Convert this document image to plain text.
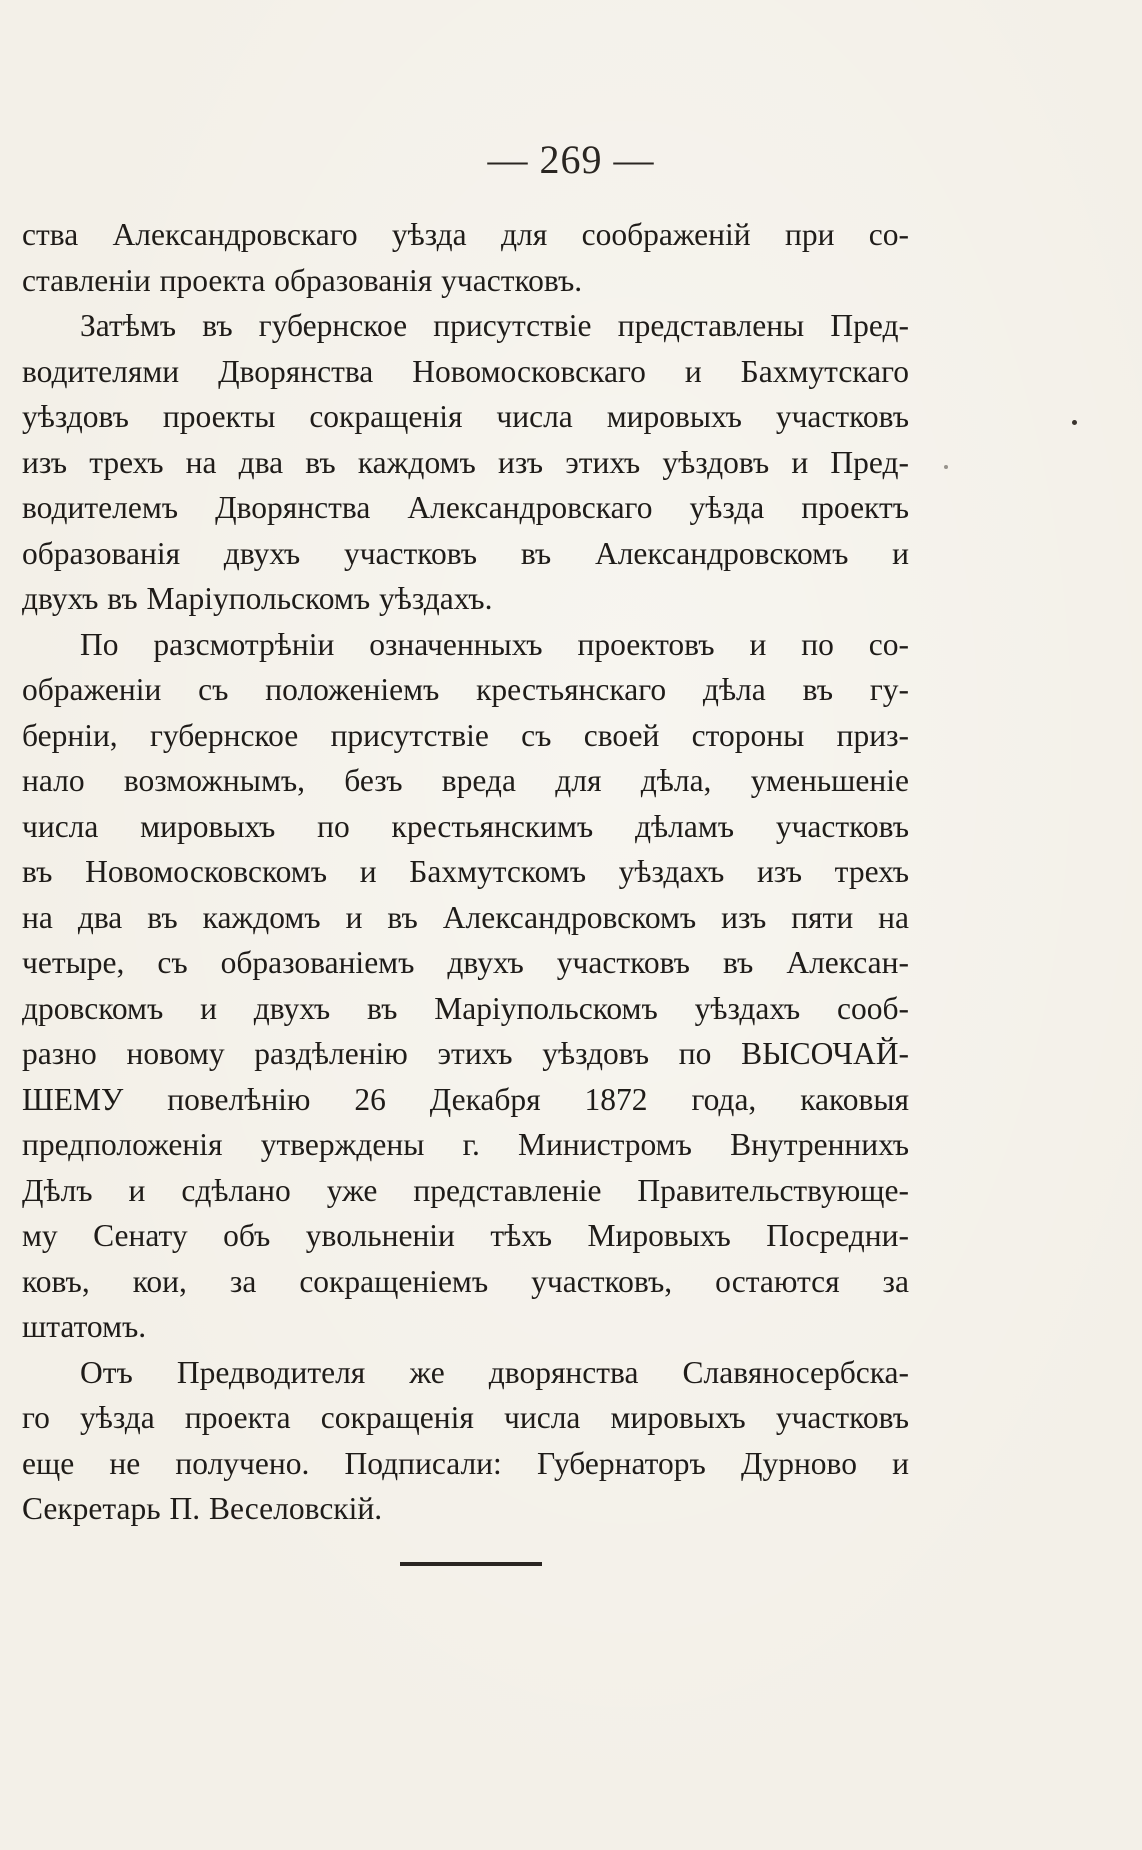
— 269 —

ства Александровскаго уѣзда для соображеній при со-
ставленіи проекта образованія участковъ.

Затѣмъ въ губернское присутствіе представлены Пред-
водителями Дворянства Новомосковскаго и Бахмутскаго
уѣздовъ проекты сокращенія числа мировыхъ участковъ
изъ трехъ на два въ каждомъ изъ этихъ уѣздовъ и Пред-
водителемъ Дворянства Александровскаго уѣзда проектъ
образованія двухъ участковъ въ Александровскомъ и
двухъ въ Маріупольскомъ уѣздахъ.

По разсмотрѣніи означенныхъ проектовъ и по со-
ображеніи съ положеніемъ крестьянскаго дѣла въ гу-
берніи, губернское присутствіе съ своей стороны приз-
нало возможнымъ, безъ вреда для дѣла, уменьшеніе
числа мировыхъ по крестьянскимъ дѣламъ участковъ
въ Новомосковскомъ и Бахмутскомъ уѣздахъ изъ трехъ
на два въ каждомъ и въ Александровскомъ изъ пяти на
четыре, съ образованіемъ двухъ участковъ въ Алексан-
дровскомъ и двухъ въ Маріупольскомъ уѣздахъ сооб-
разно новому раздѣленію этихъ уѣздовъ по ВЫСОЧАЙ-
ШЕМУ повелѣнію 26 Декабря 1872 года, каковыя
предположенія утверждены г. Министромъ Внутреннихъ
Дѣлъ и сдѣлано уже представленіе Правительствующе-
му Сенату объ увольненіи тѣхъ Мировыхъ Посредни-
ковъ, кои, за сокращеніемъ участковъ, остаются за
штатомъ.

Отъ Предводителя же дворянства Славяносербска-
го уѣзда проекта сокращенія числа мировыхъ участковъ
еще не получено. Подписали: Губернаторъ Дурново и
Секретарь П. Веселовскій.
